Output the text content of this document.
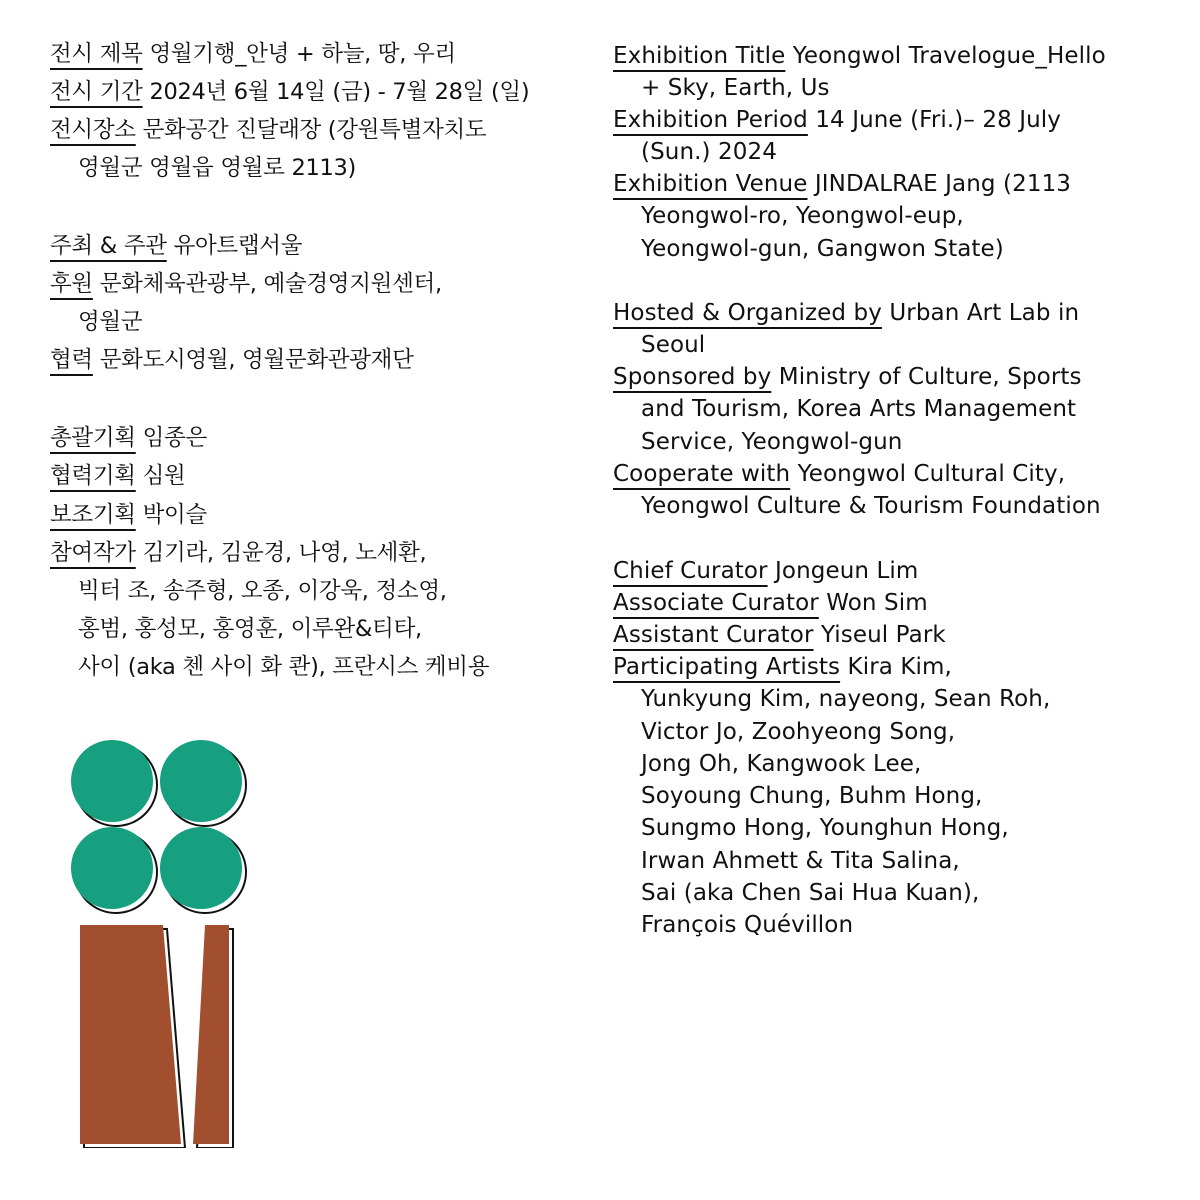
전시 제목 영월기행_안녕 + 하늘, 땅, 우리
전시 기간 2024년 6월 14일 (금) - 7월 28일 (일)
전시장소 문화공간 진달래장 (강원특별자치도
영월군 영월읍 영월로 2113)
주최 & 주관 유아트랩서울
후원 문화체육관광부, 예술경영지원센터,
영월군
협력 문화도시영월, 영월문화관광재단
총괄기획 임종은
협력기획 심원
보조기획 박이슬
참여작가 김기라, 김윤경, 나영, 노세환,
빅터 조, 송주형, 오종, 이강욱, 정소영,
홍범, 홍성모, 홍영훈, 이루완&티타,
사이 (aka 첸 사이 화 콴), 프란시스 케비용
Exhibition Title Yeongwol Travelogue_Hello
+ Sky, Earth, Us
Exhibition Period 14 June (Fri.)– 28 July
(Sun.) 2024
Exhibition Venue JINDALRAE Jang (2113
Yeongwol-ro, Yeongwol-eup,
Yeongwol-gun, Gangwon State)
Hosted & Organized by Urban Art Lab in
Seoul
Sponsored by Ministry of Culture, Sports
and Tourism, Korea Arts Management
Service, Yeongwol-gun
Cooperate with Yeongwol Cultural City,
Yeongwol Culture & Tourism Foundation
Chief Curator Jongeun Lim
Associate Curator Won Sim
Assistant Curator Yiseul Park
Participating Artists Kira Kim,
Yunkyung Kim, nayeong, Sean Roh,
Victor Jo, Zoohyeong Song,
Jong Oh, Kangwook Lee,
Soyoung Chung, Buhm Hong,
Sungmo Hong, Younghun Hong,
Irwan Ahmett & Tita Salina,
Sai (aka Chen Sai Hua Kuan),
François Quévillon
